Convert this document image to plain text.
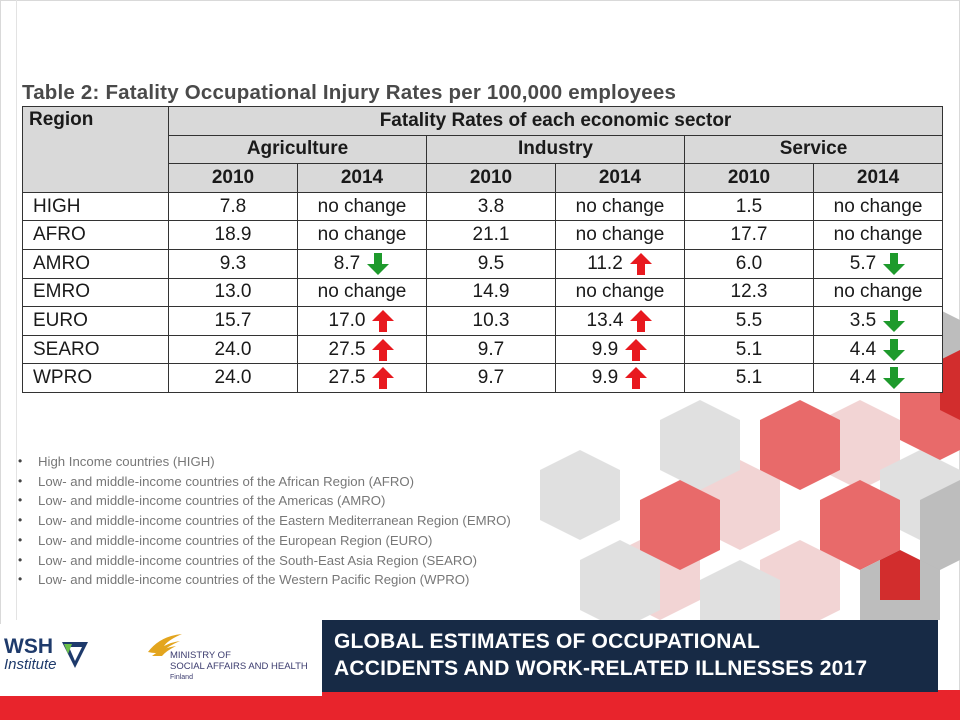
Table 2: Fatality Occupational Injury Rates per 100,000 employees
Region	Fatality Rates of each economic sector					
	Agriculture		Industry		Service	
	2010	2014	2010	2014	2010	2014
HIGH	7.8	no change	3.8	no change	1.5	no change
AFRO	18.9	no change	21.1	no change	17.7	no change
AMRO	9.3	8.7	9.5	11.2	6.0	5.7

EMRO	13.0	no change	14.9	no change	12.3	no change
EURO	15.7	17.0	10.3	13.4	5.5	3.5

SEARO	24.0	27.5	9.7	9.9	5.1	4.4

WPRO	24.0	27.5	9.7	9.9	5.1	4.4
• High Income countries (HIGH)
• Low- and middle-income countries of the African Region (AFRO)
• Low- and middle-income countries of the Americas (AMRO)
• Low- and middle-income countries of the Eastern Mediterranean Region (EMRO)
• Low- and middle-income countries of the European Region (EURO)
• Low- and middle-income countries of the South-East Asia Region (SEARO)
• Low- and middle-income countries of the Western Pacific Region (WPRO)
WSH
Institute
MINISTRY OF
SOCIAL AFFAIRS AND HEALTH
Finland
GLOBAL ESTIMATES OF OCCUPATIONAL
ACCIDENTS AND WORK-RELATED ILLNESSES 2017
